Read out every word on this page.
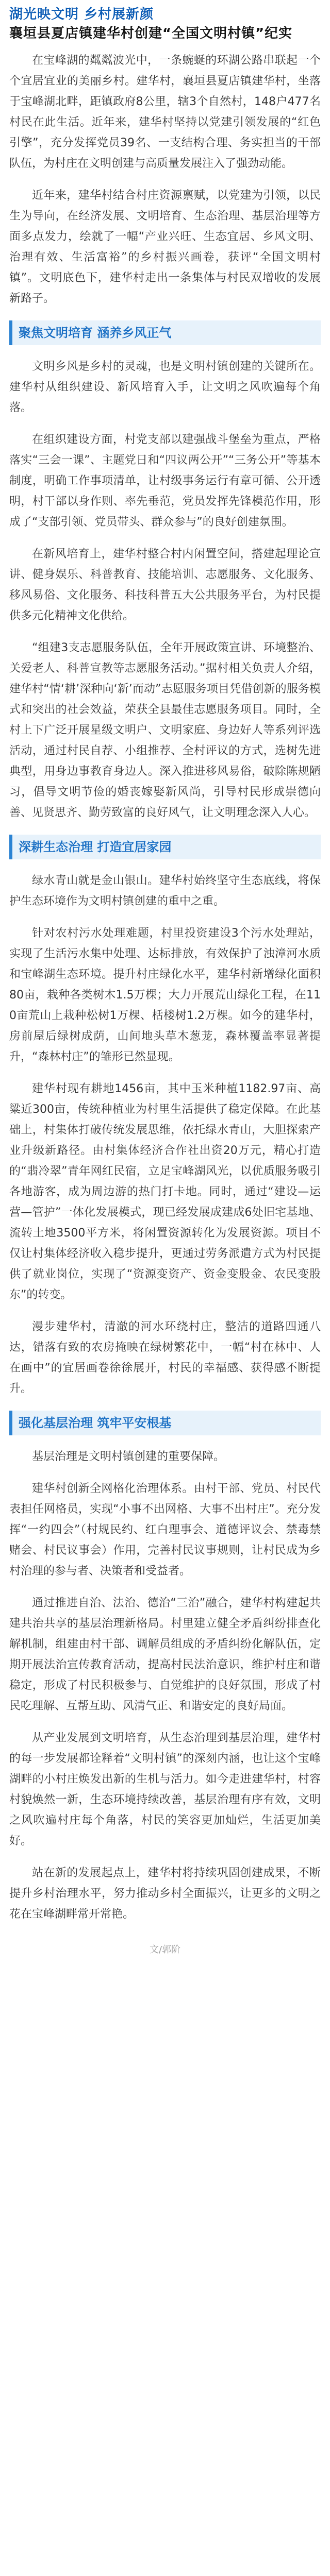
湖光映文明 乡村展新颜
襄垣县夏店镇建华村创建“全国文明村镇”纪实

在宝峰湖的粼粼波光中，一条蜿蜒的环湖公路串联起一个个宜居宜业的美丽乡村。建华村，襄垣县夏店镇建华村，坐落于宝峰湖北畔，距镇政府8公里，辖3个自然村，148户477名村民在此生活。近年来，建华村坚持以党建引领发展的“红色引擎”，充分发挥党员39名、一支结构合理、务实担当的干部队伍，为村庄在文明创建与高质量发展注入了强劲动能。

近年来，建华村结合村庄资源禀赋，以党建为引领，以民生为导向，在经济发展、文明培育、生态治理、基层治理等方面多点发力，绘就了一幅“产业兴旺、生态宜居、乡风文明、治理有效、生活富裕”的乡村振兴画卷，获评“全国文明村镇”。文明底色下，建华村走出一条集体与村民双增收的发展新路子。

聚焦文明培育 涵养乡风正气

文明乡风是乡村的灵魂，也是文明村镇创建的关键所在。建华村从组织建设、新风培育入手，让文明之风吹遍每个角落。

在组织建设方面，村党支部以建强战斗堡垒为重点，严格落实“三会一课”、主题党日和“四议两公开”“三务公开”等基本制度，明确工作事项清单，让村级事务运行有章可循、公开透明，村干部以身作则、率先垂范，党员发挥先锋模范作用，形成了“支部引领、党员带头、群众参与”的良好创建氛围。

在新风培育上，建华村整合村内闲置空间，搭建起理论宣讲、健身娱乐、科普教育、技能培训、志愿服务、文化服务、移风易俗、文化服务、科技科普五大公共服务平台，为村民提供多元化精神文化供给。

“组建3支志愿服务队伍，全年开展政策宣讲、环境整治、关爱老人、科普宣教等志愿服务活动。”据村相关负责人介绍，建华村“情‘耕’深种向‘新’而动”志愿服务项目凭借创新的服务模式和突出的社会效益，荣获全县最佳志愿服务项目。同时，全村上下广泛开展星级文明户、文明家庭、身边好人等系列评选活动，通过村民自荐、小组推荐、全村评议的方式，选树先进典型，用身边事教育身边人。深入推进移风易俗，破除陈规陋习，倡导文明节俭的婚丧嫁娶新风尚，引导村民形成崇德向善、见贤思齐、勤劳致富的良好风气，让文明理念深入人心。

深耕生态治理 打造宜居家园

绿水青山就是金山银山。建华村始终坚守生态底线，将保护生态环境作为文明村镇创建的重中之重。

针对农村污水处理难题，村里投资建设3个污水处理站，实现了生活污水集中处理、达标排放，有效保护了浊漳河水质和宝峰湖生态环境。提升村庄绿化水平，建华村新增绿化面积80亩，栽种各类树木1.5万棵；大力开展荒山绿化工程，在110亩荒山上栽种松树1万棵、栝楼树1.2万棵。如今的建华村，房前屋后绿树成荫，山间地头草木葱茏，森林覆盖率显著提升，“森林村庄”的雏形已然显现。

建华村现有耕地1456亩，其中玉米种植1182.97亩、高粱近300亩，传统种植业为村里生活提供了稳定保障。在此基础上，村集体打破传统发展思维，依托绿水青山，大胆探索产业升级新路径。由村集体经济合作社出资20万元，精心打造的“翡冷翠”青年网红民宿，立足宝峰湖风光，以优质服务吸引各地游客，成为周边游的热门打卡地。同时，通过“建设—运营—管护”一体化发展模式，现已经发展成建成6处旧宅基地、流转土地3500平方米，将闲置资源转化为发展资源。项目不仅让村集体经济收入稳步提升，更通过劳务派遣方式为村民提供了就业岗位，实现了“资源变资产、资金变股金、农民变股东”的转变。

漫步建华村，清澈的河水环绕村庄，整洁的道路四通八达，错落有致的农房掩映在绿树繁花中，一幅“村在林中、人在画中”的宜居画卷徐徐展开，村民的幸福感、获得感不断提升。

强化基层治理 筑牢平安根基

基层治理是文明村镇创建的重要保障。

建华村创新全网格化治理体系。由村干部、党员、村民代表担任网格员，实现“小事不出网格、大事不出村庄”。充分发挥“一约四会”（村规民约、红白理事会、道德评议会、禁毒禁赌会、村民议事会）作用，完善村民议事规则，让村民成为乡村治理的参与者、决策者和受益者。

通过推进自治、法治、德治“三治”融合，建华村构建起共建共治共享的基层治理新格局。村里建立健全矛盾纠纷排查化解机制，组建由村干部、调解员组成的矛盾纠纷化解队伍，定期开展法治宣传教育活动，提高村民法治意识，维护村庄和谐稳定，形成了村民积极参与、自觉维护的良好氛围，形成了村民吃理解、互帮互助、风清气正、和谐安定的良好局面。

从产业发展到文明培育，从生态治理到基层治理，建华村的每一步发展都诠释着“文明村镇”的深刻内涵，也让这个宝峰湖畔的小村庄焕发出新的生机与活力。如今走进建华村，村容村貌焕然一新，生态环境持续改善，基层治理有序有效，文明之风吹遍村庄每个角落，村民的笑容更加灿烂，生活更加美好。

站在新的发展起点上，建华村将持续巩固创建成果，不断提升乡村治理水平，努力推动乡村全面振兴，让更多的文明之花在宝峰湖畔常开常艳。

文/郭阶
